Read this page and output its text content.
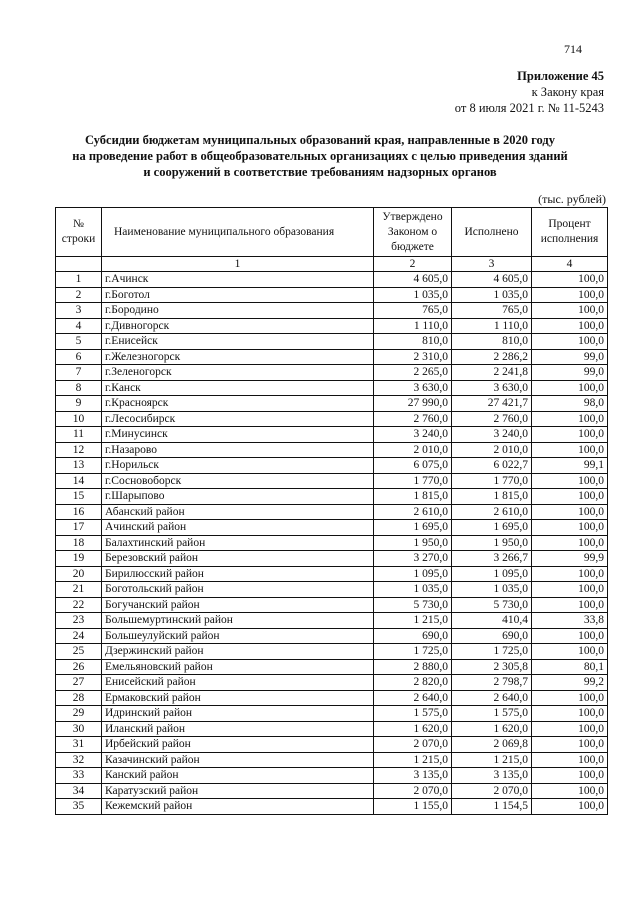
714
Приложение 45
к Закону края
от 8 июля 2021 г. № 11-5243
Субсидии бюджетам муниципальных образований края, направленные в 2020 году
на проведение работ в общеобразовательных организациях с целью приведения зданий
и сооружений в соответствие требованиям надзорных органов
(тыс. рублей)
№ строки	Наименование муниципального образования	Утверждено Законом о бюджете	Исполнено	Процент исполнения
	1	2	3	4
1	г.Ачинск	4 605,0	4 605,0	100,0
2	г.Боготол	1 035,0	1 035,0	100,0
3	г.Бородино	765,0	765,0	100,0
4	г.Дивногорск	1 110,0	1 110,0	100,0
5	г.Енисейск	810,0	810,0	100,0
6	г.Железногорск	2 310,0	2 286,2	99,0
7	г.Зеленогорск	2 265,0	2 241,8	99,0
8	г.Канск	3 630,0	3 630,0	100,0
9	г.Красноярск	27 990,0	27 421,7	98,0
10	г.Лесосибирск	2 760,0	2 760,0	100,0
11	г.Минусинск	3 240,0	3 240,0	100,0
12	г.Назарово	2 010,0	2 010,0	100,0
13	г.Норильск	6 075,0	6 022,7	99,1
14	г.Сосновоборск	1 770,0	1 770,0	100,0
15	г.Шарыпово	1 815,0	1 815,0	100,0
16	Абанский район	2 610,0	2 610,0	100,0
17	Ачинский район	1 695,0	1 695,0	100,0
18	Балахтинский район	1 950,0	1 950,0	100,0
19	Березовский район	3 270,0	3 266,7	99,9
20	Бирилюсский район	1 095,0	1 095,0	100,0
21	Боготольский район	1 035,0	1 035,0	100,0
22	Богучанский район	5 730,0	5 730,0	100,0
23	Большемуртинский район	1 215,0	410,4	33,8
24	Большеулуйский район	690,0	690,0	100,0
25	Дзержинский район	1 725,0	1 725,0	100,0
26	Емельяновский район	2 880,0	2 305,8	80,1
27	Енисейский район	2 820,0	2 798,7	99,2
28	Ермаковский район	2 640,0	2 640,0	100,0
29	Идринский район	1 575,0	1 575,0	100,0
30	Иланский район	1 620,0	1 620,0	100,0
31	Ирбейский район	2 070,0	2 069,8	100,0
32	Казачинский район	1 215,0	1 215,0	100,0
33	Канский район	3 135,0	3 135,0	100,0
34	Каратузский район	2 070,0	2 070,0	100,0
35	Кежемский район	1 155,0	1 154,5	100,0
